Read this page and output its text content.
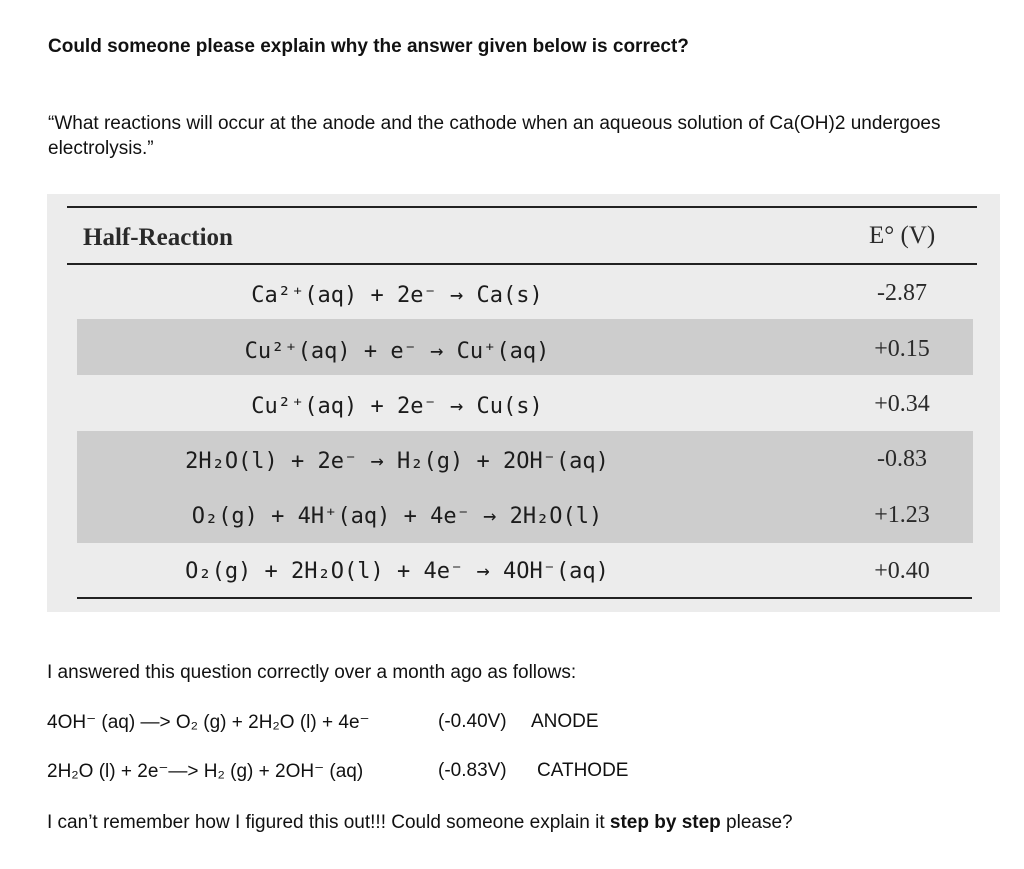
Could someone please explain why the answer given below is correct?
“What reactions will occur at the anode and the cathode when an aqueous solution of Ca(OH)2 undergoes electrolysis.”
Half-Reaction	E° (V)
Ca²⁺(aq) + 2e⁻ → Ca(s)	-2.87
Cu²⁺(aq) + e⁻ → Cu⁺(aq)	+0.15
Cu²⁺(aq) + 2e⁻ → Cu(s)	+0.34
2H₂O(l) + 2e⁻ → H₂(g) + 2OH⁻(aq)	-0.83
O₂(g) + 4H⁺(aq) + 4e⁻ → 2H₂O(l)	+1.23
O₂(g) + 2H₂O(l) + 4e⁻ → 4OH⁻(aq)	+0.40
I answered this question correctly over a month ago as follows:
4OH⁻ (aq) —> O₂ (g) + 2H₂O (l) + 4e⁻	(-0.40V) ANODE
2H₂O (l) + 2e⁻—> H₂ (g) + 2OH⁻ (aq)	(-0.83V) CATHODE
I can’t remember how I figured this out!!! Could someone explain it step by step please?
